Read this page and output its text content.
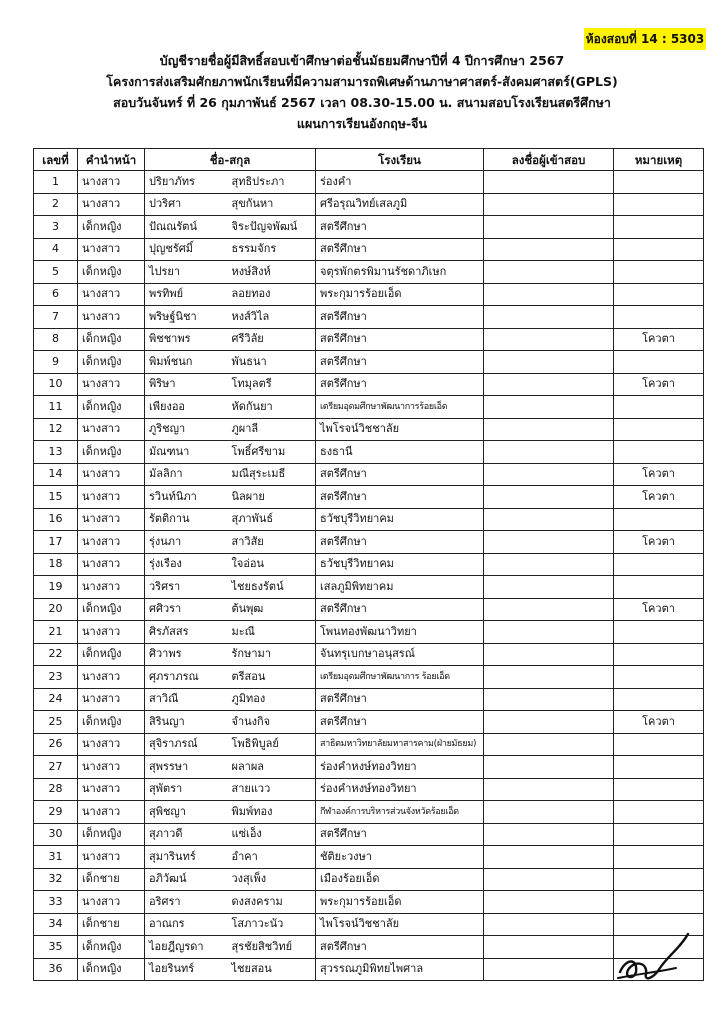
ห้องสอบที่ 14 : 5303
บัญชีรายชื่อผู้มีสิทธิ์สอบเข้าศึกษาต่อชั้นมัธยมศึกษาปีที่ 4 ปีการศึกษา 2567
โครงการส่งเสริมศักยภาพนักเรียนที่มีความสามารถพิเศษด้านภาษาศาสตร์-สังคมศาสตร์(GPLS)
สอบวันจันทร์ ที่ 26 กุมภาพันธ์ 2567 เวลา 08.30-15.00 น. สนามสอบโรงเรียนสตรีศึกษา
แผนการเรียนอังกฤษ-จีน
เลขที่	คำนำหน้า	ชื่อ-สกุล		โรงเรียน	ลงชื่อผู้เข้าสอบ	หมายเหตุ
1	นางสาว	ปริยาภัทร	สุทธิประภา	ร่องคำ		
2	นางสาว	ปวริศา	สุขกันหา	ศรีอรุณวิทย์เสลภูมิ		
3	เด็กหญิง	ปัณณรัตน์	จิระปัญจพัฒน์	สตรีศึกษา		
4	นางสาว	ปุญชรัศมิ์	ธรรมจักร	สตรีศึกษา		
5	เด็กหญิง	ไปรยา	หงษ์สิงห์	จตุรพักตรพิมานรัชดาภิเษก		
6	นางสาว	พรทิพย์	ลอยทอง	พระกุมารร้อยเอ็ด		
7	นางสาว	พริษฐ์นิชา	หงส์วิไล	สตรีศึกษา		
8	เด็กหญิง	พิชชาพร	ศรีวิลัย	สตรีศึกษา		โควตา
9	เด็กหญิง	พิมพ์ชนก	พันธนา	สตรีศึกษา		
10	นางสาว	พิริษา	โทมุลตรี	สตรีศึกษา		โควตา
11	เด็กหญิง	เพียงออ	หัดกันยา	เตรียมอุดมศึกษาพัฒนาการร้อยเอ็ด		
12	นางสาว	ภูริชญา	ภูผาลี	ไพโรจน์วิชชาลัย		
13	เด็กหญิง	มัณฑนา	โพธิ์ศรีขาม	ธงธานี		
14	นางสาว	มัลลิกา	มณีสุระเมธี	สตรีศึกษา		โควตา
15	นางสาว	รวินท์นิภา	นิลผาย	สตรีศึกษา		โควตา
16	นางสาว	รัตติกาน	สุภาพันธ์	ธวัชบุรีวิทยาคม		
17	นางสาว	รุ่งนภา	สาวิสัย	สตรีศึกษา		โควตา
18	นางสาว	รุ่งเรือง	ใจอ่อน	ธวัชบุรีวิทยาคม		
19	นางสาว	วริศรา	ไชยธงรัตน์	เสลภูมิพิทยาคม		
20	เด็กหญิง	ศศิวรา	ต้นพุฒ	สตรีศึกษา		โควตา
21	นางสาว	ศิรภัสสร	มะณี	โพนทองพัฒนาวิทยา		
22	เด็กหญิง	ศิวาพร	รักษามา	จันทรุเบกษาอนุสรณ์		
23	นางสาว	ศุภราภรณ	ตรีสอน	เตรียมอุดมศึกษาพัฒนาการ ร้อยเอ็ด		
24	นางสาว	สาวิณี	ภูมิทอง	สตรีศึกษา		
25	เด็กหญิง	สิรินญา	จำนงกิจ	สตรีศึกษา		โควตา
26	นางสาว	สุจิราภรณ์	โพธิพิบูลย์	สาธิตมหาวิทยาลัยมหาสารคาม(ฝ่ายมัธยม)		
27	นางสาว	สุพรรษา	ผลาผล	ร่องคำหงษ์ทองวิทยา		
28	นางสาว	สุพัตรา	สายแวว	ร่องคำหงษ์ทองวิทยา		
29	นางสาว	สุพิชญา	พิมพ์ทอง	กีฬาองค์การบริหารส่วนจังหวัดร้อยเอ็ด		
30	เด็กหญิง	สุภาวดี	แซ่เอ็ง	สตรีศึกษา		
31	นางสาว	สุมารินทร์	อำคา	ชัติยะวงษา		
32	เด็กชาย	อภิวัฒน์	วงสุเพ็ง	เมืองร้อยเอ็ด		
33	นางสาว	อริศรา	ดงสงคราม	พระกุมารร้อยเอ็ด		
34	เด็กชาย	อาณกร	โสภาวะนัว	ไพโรจน์วิชชาลัย		
35	เด็กหญิง	ไอยฎีญรดา	สุรชัยสิชวิทย์	สตรีศึกษา		
36	เด็กหญิง	ไอยรินทร์	ไชยสอน	สุวรรณภูมิพิทยไพศาล		
